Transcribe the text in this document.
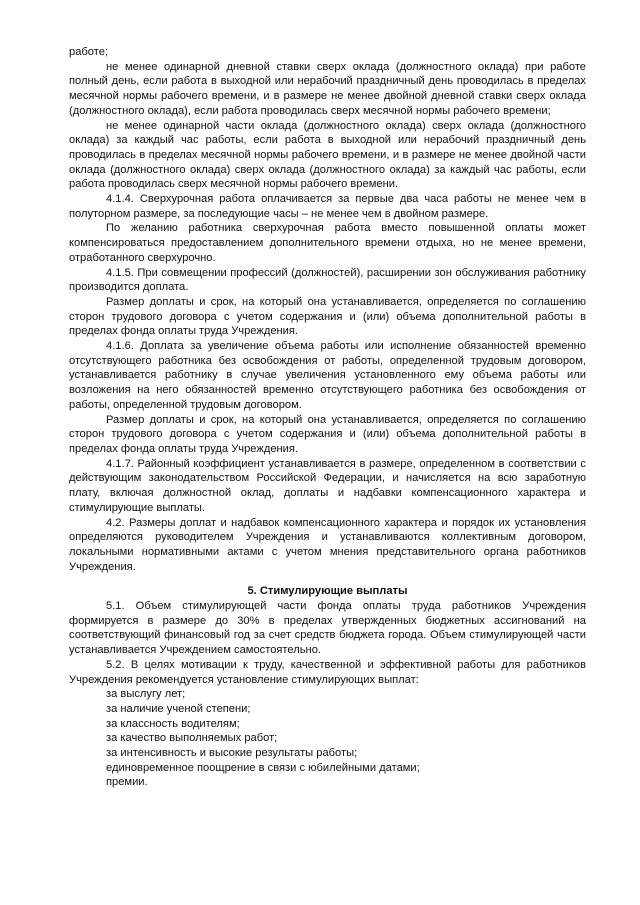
работе;

не менее одинарной дневной ставки сверх оклада (должностного оклада) при работе полный день, если работа в выходной или нерабочий праздничный день проводилась в пределах месячной нормы рабочего времени, и в размере не менее двойной дневной ставки сверх оклада (должностного оклада), если работа проводилась сверх месячной нормы рабочего времени;

не менее одинарной части оклада (должностного оклада) сверх оклада (должностного оклада) за каждый час работы, если работа в выходной или нерабочий праздничный день проводилась в пределах месячной нормы рабочего времени, и в размере не менее двойной части оклада (должностного оклада) сверх оклада (должностного оклада) за каждый час работы, если работа проводилась сверх месячной нормы рабочего времени.

4.1.4. Сверхурочная работа оплачивается за первые два часа работы не менее чем в полуторном размере, за последующие часы – не менее чем в двойном размере.

По желанию работника сверхурочная работа вместо повышенной оплаты может компенсироваться предоставлением дополнительного времени отдыха, но не менее времени, отработанного сверхурочно.

4.1.5. При совмещении профессий (должностей), расширении зон обслуживания работнику производится доплата.

Размер доплаты и срок, на который она устанавливается, определяется по соглашению сторон трудового договора с учетом содержания и (или) объема дополнительной работы в пределах фонда оплаты труда Учреждения.

4.1.6. Доплата за увеличение объема работы или исполнение обязанностей временно отсутствующего работника без освобождения от работы, определенной трудовым договором, устанавливается работнику в случае увеличения установленного ему объема работы или возложения на него обязанностей временно отсутствующего работника без освобождения от работы, определенной трудовым договором.

Размер доплаты и срок, на который она устанавливается, определяется по соглашению сторон трудового договора с учетом содержания и (или) объема дополнительной работы в пределах фонда оплаты труда Учреждения.

4.1.7. Районный коэффициент устанавливается в размере, определенном в соответствии с действующим законодательством Российской Федерации, и начисляется на всю заработную плату, включая должностной оклад, доплаты и надбавки компенсационного характера и стимулирующие выплаты.

4.2. Размеры доплат и надбавок компенсационного характера и порядок их установления определяются руководителем Учреждения и устанавливаются коллективным договором, локальными нормативными актами с учетом мнения представительного органа работников Учреждения.

5. Стимулирующие выплаты

5.1. Объем стимулирующей части фонда оплаты труда работников Учреждения формируется в размере до 30% в пределах утвержденных бюджетных ассигнований на соответствующий финансовый год за счет средств бюджета города. Объем стимулирующей части устанавливается Учреждением самостоятельно.

5.2. В целях мотивации к труду, качественной и эффективной работы для работников Учреждения рекомендуется установление стимулирующих выплат:

за выслугу лет;
за наличие ученой степени;
за классность водителям;
за качество выполняемых работ;
за интенсивность и высокие результаты работы;
единовременное поощрение в связи с юбилейными датами;
премии.
